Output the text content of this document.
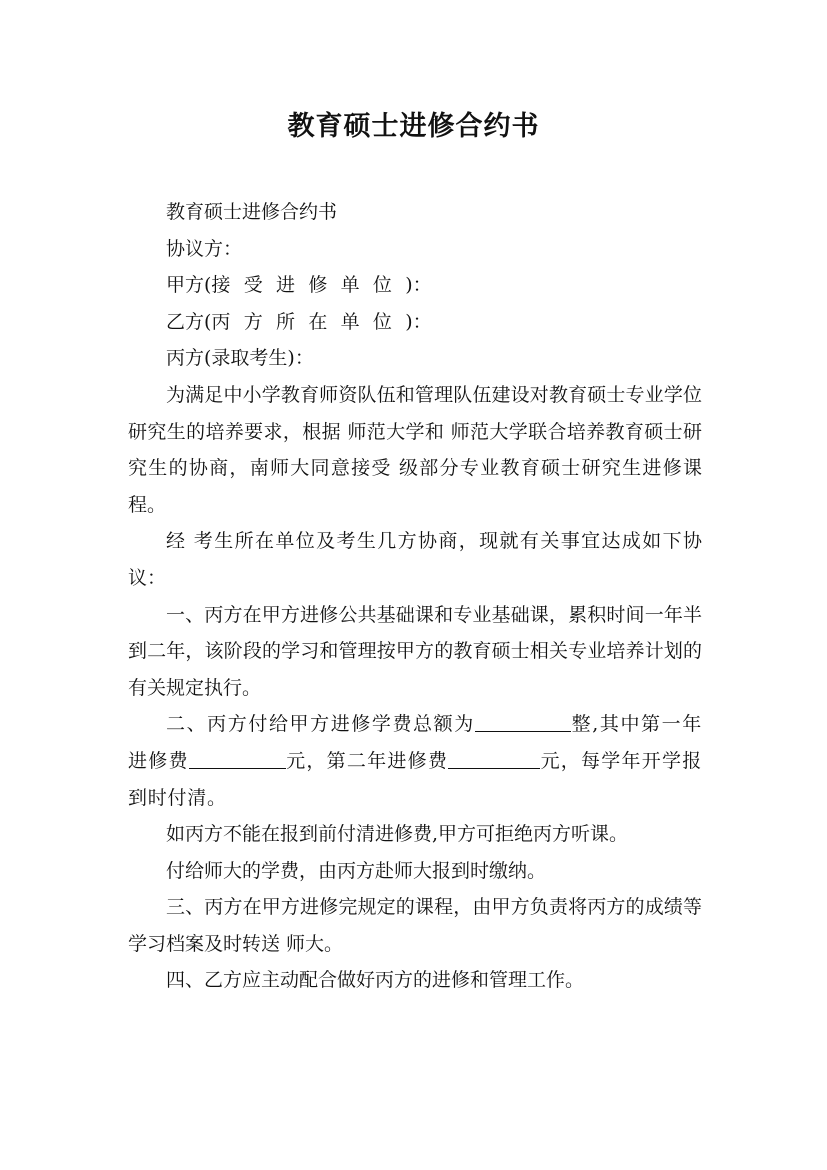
教育硕士进修合约书

教育硕士进修合约书

协议方：

甲方(接受进修单位)：

乙方(丙方所在单位)：

丙方(录取考生)：

为满足中小学教育师资队伍和管理队伍建设对教育硕士专业学位研究生的培养要求，根据 师范大学和 师范大学联合培养教育硕士研究生的协商，南师大同意接受 级部分专业教育硕士研究生进修课程。

经 考生所在单位及考生几方协商，现就有关事宜达成如下协议：

一、丙方在甲方进修公共基础课和专业基础课，累积时间一年半到二年，该阶段的学习和管理按甲方的教育硕士相关专业培养计划的有关规定执行。

二、丙方付给甲方进修学费总额为	整,其中第一年进修费	元，第二年进修费	元，每学年开学报到时付清。

如丙方不能在报到前付清进修费,甲方可拒绝丙方听课。

付给师大的学费，由丙方赴师大报到时缴纳。

三、丙方在甲方进修完规定的课程，由甲方负责将丙方的成绩等学习档案及时转送 师大。

四、乙方应主动配合做好丙方的进修和管理工作。
